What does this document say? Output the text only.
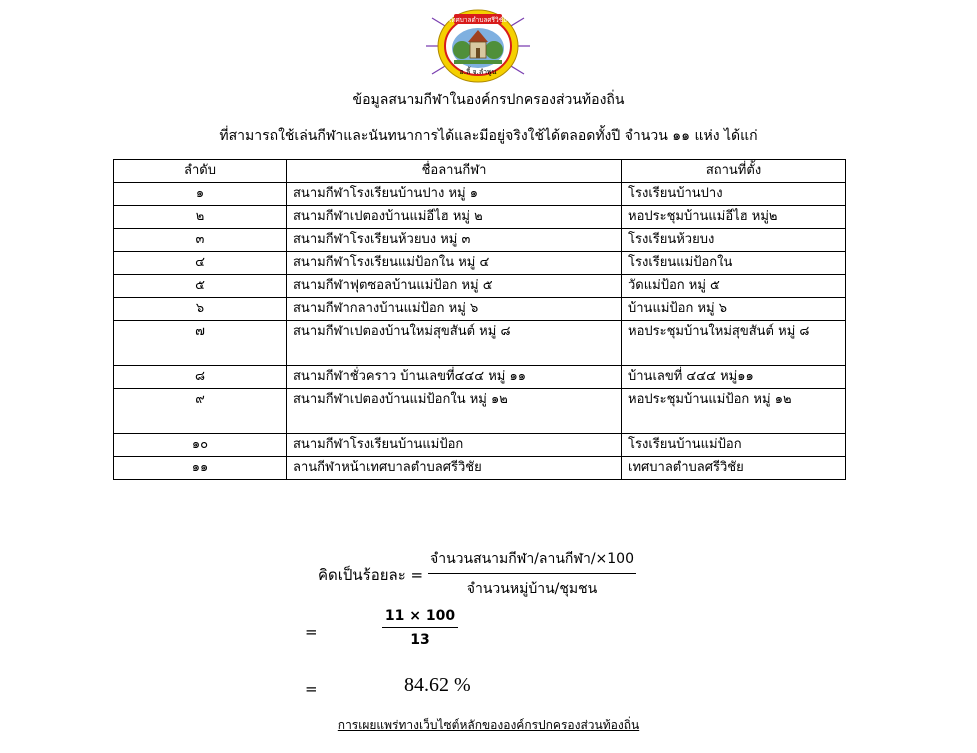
เทศบาลตำบลศรีวิชัย
อ.ลี้ จ.ลำพูน
ข้อมูลสนามกีฬาในองค์กรปกครองส่วนท้องถิ่น
ที่สามารถใช้เล่นกีฬาและนันทนาการได้และมีอยู่จริงใช้ได้ตลอดทั้งปี จำนวน ๑๑ แห่ง ได้แก่
ลำดับ	ชื่อลานกีฬา	สถานที่ตั้ง
๑	สนามกีฬาโรงเรียนบ้านปาง หมู่ ๑	โรงเรียนบ้านปาง
๒	สนามกีฬาเปตองบ้านแม่อีไฮ หมู่ ๒	หอประชุมบ้านแม่อีไฮ หมู่๒
๓	สนามกีฬาโรงเรียนห้วยบง หมู่ ๓	โรงเรียนห้วยบง
๔	สนามกีฬาโรงเรียนแม่ป้อกใน หมู่ ๔	โรงเรียนแม่ป้อกใน
๕	สนามกีฬาฟุตซอลบ้านแม่ป้อก หมู่ ๕	วัดแม่ป้อก หมู่ ๕
๖	สนามกีฬากลางบ้านแม่ป้อก หมู่ ๖	บ้านแม่ป้อก หมู่ ๖
๗	สนามกีฬาเปตองบ้านใหม่สุขสันต์ หมู่ ๘	หอประชุมบ้านใหม่สุขสันต์ หมู่ ๘
๘	สนามกีฬาชั่วคราว บ้านเลขที่๔๔๔ หมู่ ๑๑	บ้านเลขที่ ๔๔๔ หมู่๑๑
๙	สนามกีฬาเปตองบ้านแม่ป้อกใน หมู่ ๑๒	หอประชุมบ้านแม่ป้อก หมู่ ๑๒
๑๐	สนามกีฬาโรงเรียนบ้านแม่ป้อก	โรงเรียนบ้านแม่ป้อก
๑๑	ลานกีฬาหน้าเทศบาลตำบลศรีวิชัย	เทศบาลตำบลศรีวิชัย
คิดเป็นร้อยละ =
จำนวนสนามกีฬา/ลานกีฬา/×100
จำนวนหมู่บ้าน/ชุมชน
=	$\frac{11 \times 100}{13}$
=	84.62 %
การเผยแพร่ทางเว็บไซต์หลักขององค์กรปกครองส่วนท้องถิ่น
